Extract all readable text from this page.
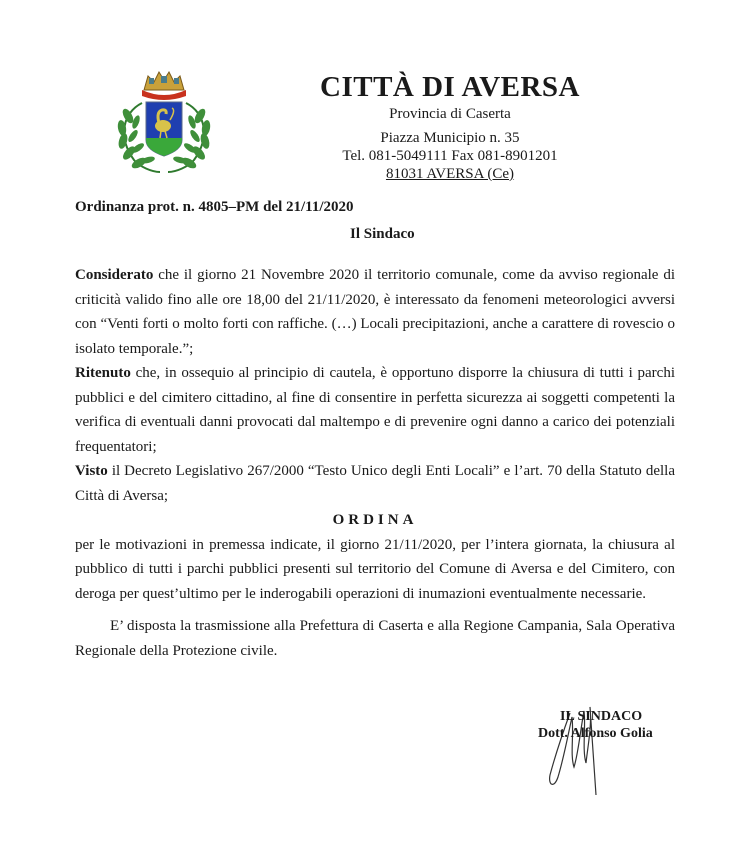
CITTÀ DI AVERSA
Provincia di Caserta
Piazza Municipio n. 35
Tel. 081-5049111 Fax 081-8901201
81031 AVERSA (Ce)
Ordinanza prot. n. 4805–PM del 21/11/2020
Il Sindaco

Considerato che il giorno 21 Novembre 2020 il territorio comunale, come da avviso regionale di criticità valido fino alle ore 18,00 del 21/11/2020, è interessato da fenomeni meteorologici avversi con “Venti forti o molto forti con raffiche. (…) Locali precipitazioni, anche a carattere di rovescio o isolato temporale.”;

Ritenuto che, in ossequio al principio di cautela, è opportuno disporre la chiusura di tutti i parchi pubblici e del cimitero cittadino, al fine di consentire in perfetta sicurezza ai soggetti competenti la verifica di eventuali danni provocati dal maltempo e di prevenire ogni danno a carico dei potenziali frequentatori;

Visto il Decreto Legislativo 267/2000 “Testo Unico degli Enti Locali” e l’art. 70 della Statuto della Città di Aversa;

ORDINA

per le motivazioni in premessa indicate, il giorno 21/11/2020, per l’intera giornata, la chiusura al pubblico di tutti i parchi pubblici presenti sul territorio del Comune di Aversa e del Cimitero, con deroga per quest’ultimo per le inderogabili operazioni di inumazioni eventualmente necessarie.

E’ disposta la trasmissione alla Prefettura di Caserta e alla Regione Campania, Sala Operativa Regionale della Protezione civile.

IL SINDACO
Dott. Alfonso Golia
